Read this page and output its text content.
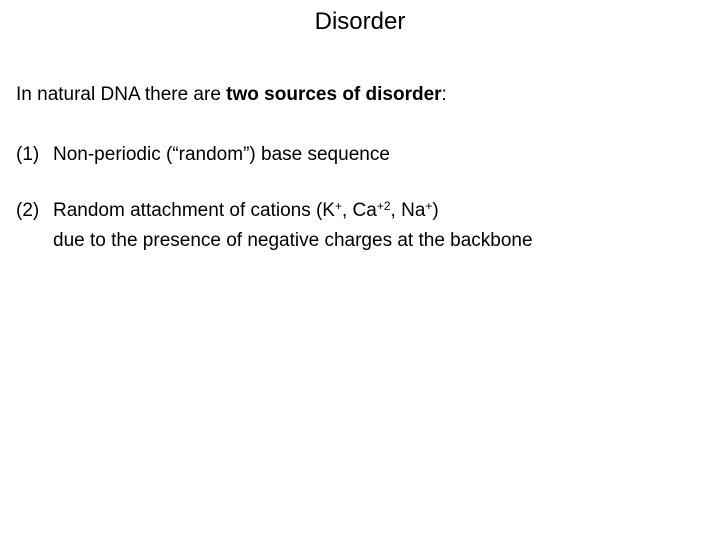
Disorder

In natural DNA there are two sources of disorder:

(1) Non-periodic (“random”) base sequence
(2) Random attachment of cations (K+, $Ca^{+2}$, Na+)
due to the presence of negative charges at the backbone
